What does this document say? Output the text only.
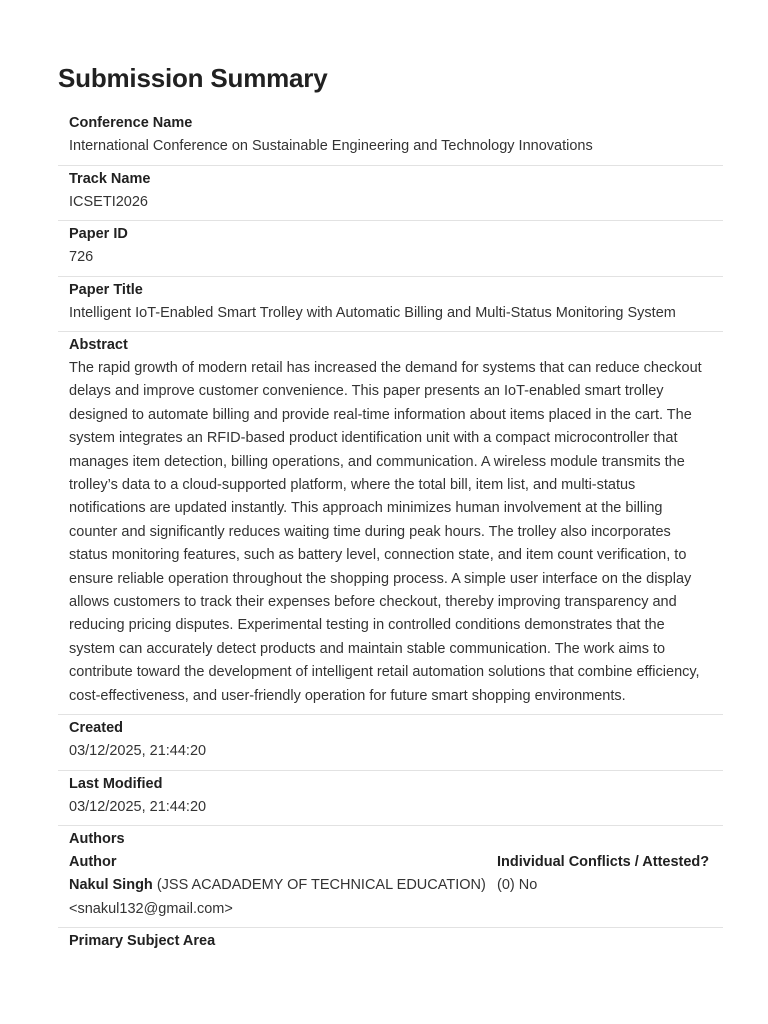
Submission Summary
Conference Name
International Conference on Sustainable Engineering and Technology Innovations
Track Name
ICSETI2026
Paper ID
726
Paper Title
Intelligent IoT-Enabled Smart Trolley with Automatic Billing and Multi-Status Monitoring System
Abstract
The rapid growth of modern retail has increased the demand for systems that can reduce checkout delays and improve customer convenience. This paper presents an IoT-enabled smart trolley designed to automate billing and provide real-time information about items placed in the cart. The system integrates an RFID-based product identification unit with a compact microcontroller that manages item detection, billing operations, and communication. A wireless module transmits the trolley’s data to a cloud-supported platform, where the total bill, item list, and multi-status notifications are updated instantly. This approach minimizes human involvement at the billing counter and significantly reduces waiting time during peak hours. The trolley also incorporates status monitoring features, such as battery level, connection state, and item count verification, to ensure reliable operation throughout the shopping process. A simple user interface on the display allows customers to track their expenses before checkout, thereby improving transparency and reducing pricing disputes. Experimental testing in controlled conditions demonstrates that the system can accurately detect products and maintain stable communication. The work aims to contribute toward the development of intelligent retail automation solutions that combine efficiency, cost-effectiveness, and user-friendly operation for future smart shopping environments.
Created
03/12/2025, 21:44:20
Last Modified
03/12/2025, 21:44:20
Authors
Author
Nakul Singh (JSS ACADADEMY OF TECHNICAL EDUCATION)
<snakul132@gmail.com>
Individual Conflicts / Attested?
(0) No
Primary Subject Area
